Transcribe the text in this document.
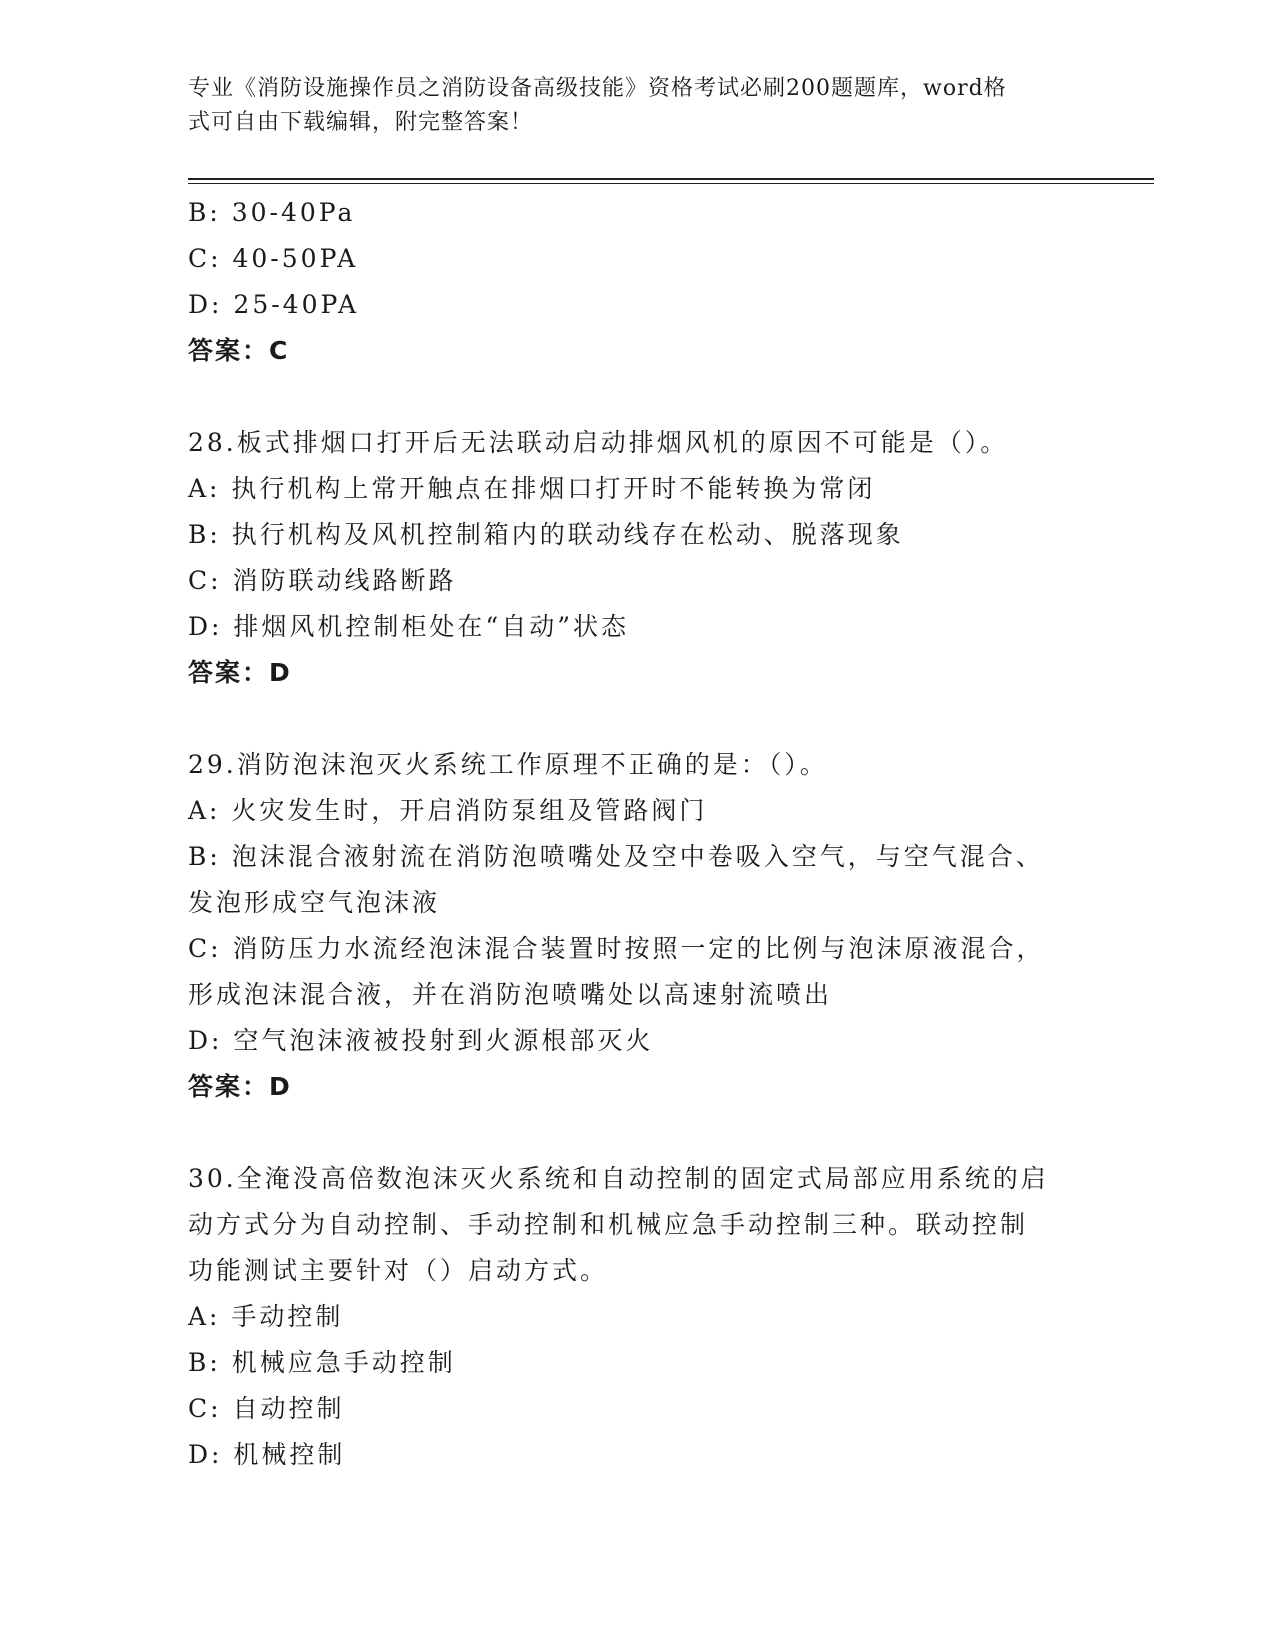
专业《消防设施操作员之消防设备高级技能》资格考试必刷200题题库，word格
式可自由下载编辑，附完整答案！
B: 30-40Pa
C: 40-50PA
D: 25-40PA
答案：C
28.板式排烟口打开后无法联动启动排烟风机的原因不可能是（）。
A: 执行机构上常开触点在排烟口打开时不能转换为常闭
B: 执行机构及风机控制箱内的联动线存在松动、脱落现象
C: 消防联动线路断路
D: 排烟风机控制柜处在“自动”状态
答案：D
29.消防泡沫泡灭火系统工作原理不正确的是：（）。
A: 火灾发生时，开启消防泵组及管路阀门
B: 泡沫混合液射流在消防泡喷嘴处及空中卷吸入空气，与空气混合、
发泡形成空气泡沫液
C: 消防压力水流经泡沫混合装置时按照一定的比例与泡沫原液混合，
形成泡沫混合液，并在消防泡喷嘴处以高速射流喷出
D: 空气泡沫液被投射到火源根部灭火
答案：D
30.全淹没高倍数泡沫灭火系统和自动控制的固定式局部应用系统的启
动方式分为自动控制、手动控制和机械应急手动控制三种。联动控制
功能测试主要针对（）启动方式。
A: 手动控制
B: 机械应急手动控制
C: 自动控制
D: 机械控制
